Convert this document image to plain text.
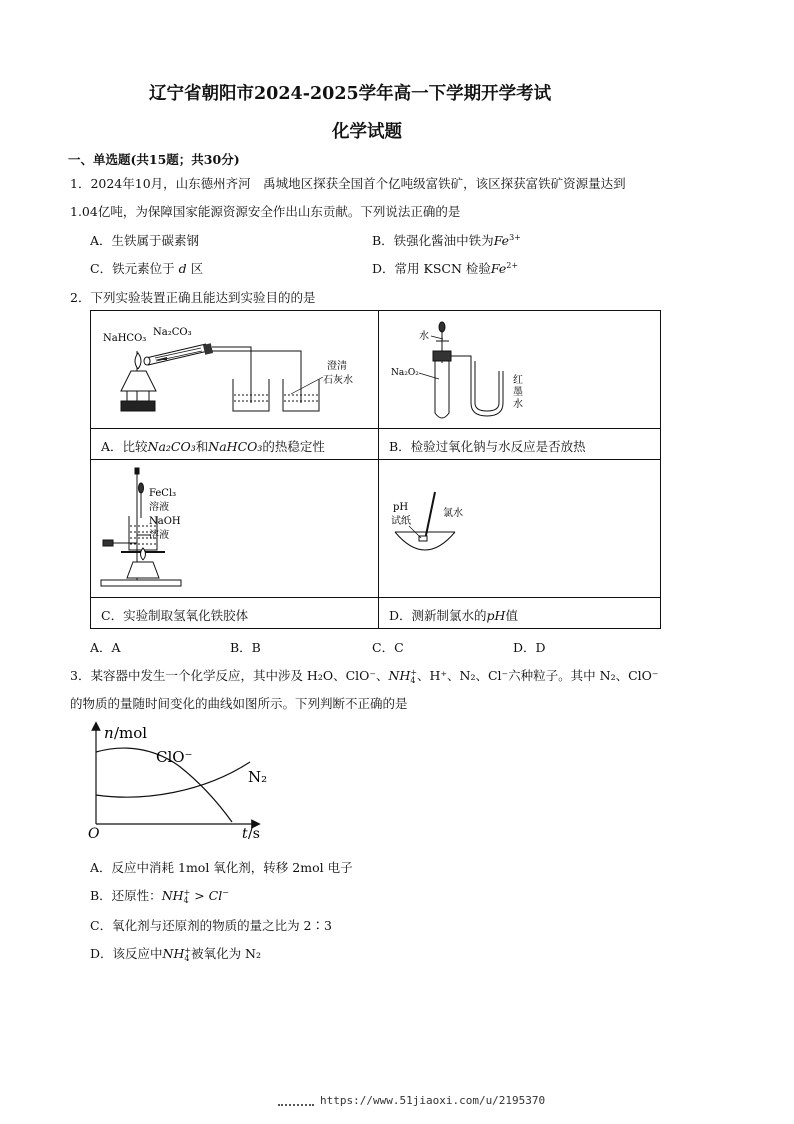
辽宁省朝阳市2024-2025学年高一下学期开学考试
化学试题
一、单选题(共15题；共30分)
1．2024年10月，山东德州齐河　禹城地区探获全国首个亿吨级富铁矿，该区探获富铁矿资源量达到
1.04亿吨，为保障国家能源资源安全作出山东贡献。下列说法正确的是
A．生铁属于碳素钢	B．铁强化酱油中铁为$Fe^{3+}$
C．铁元素位于 d 区	D．常用 KSCN 检验$Fe^{2+}$
2．下列实验装置正确且能达到实验目的的是
NaHCO₃
Na₂CO₃
澄清
石灰水
水
Na₂O₂
红
墨
水
A．比较Na₂CO₃和NaHCO₃的热稳定性	B．检验过氧化钠与水反应是否放热
FeCl₃
溶液
NaOH
溶液
pH
试纸
氯水
C．实验制取氢氧化铁胶体	D．测新制氯水的pH值
A．A	B．B	C．C	D．D
3．某容器中发生一个化学反应，其中涉及 H₂O、ClO⁻、NH +
4 、H⁺、N₂、Cl⁻六种粒子。其中 N₂、ClO⁻
的物质的量随时间变化的曲线如图所示。下列判断不正确的是
n /mol
O	t /s
ClO⁻
N₂
A．反应中消耗 1mol 氧化剂，转移 2mol 电子
B．还原性：NH +
4 > Cl−
C．氧化剂与还原剂的物质的量之比为 2∶3
D．该反应中NH +
4 被氧化为 N₂
https://www.51jiaoxi.com/u/2195370
